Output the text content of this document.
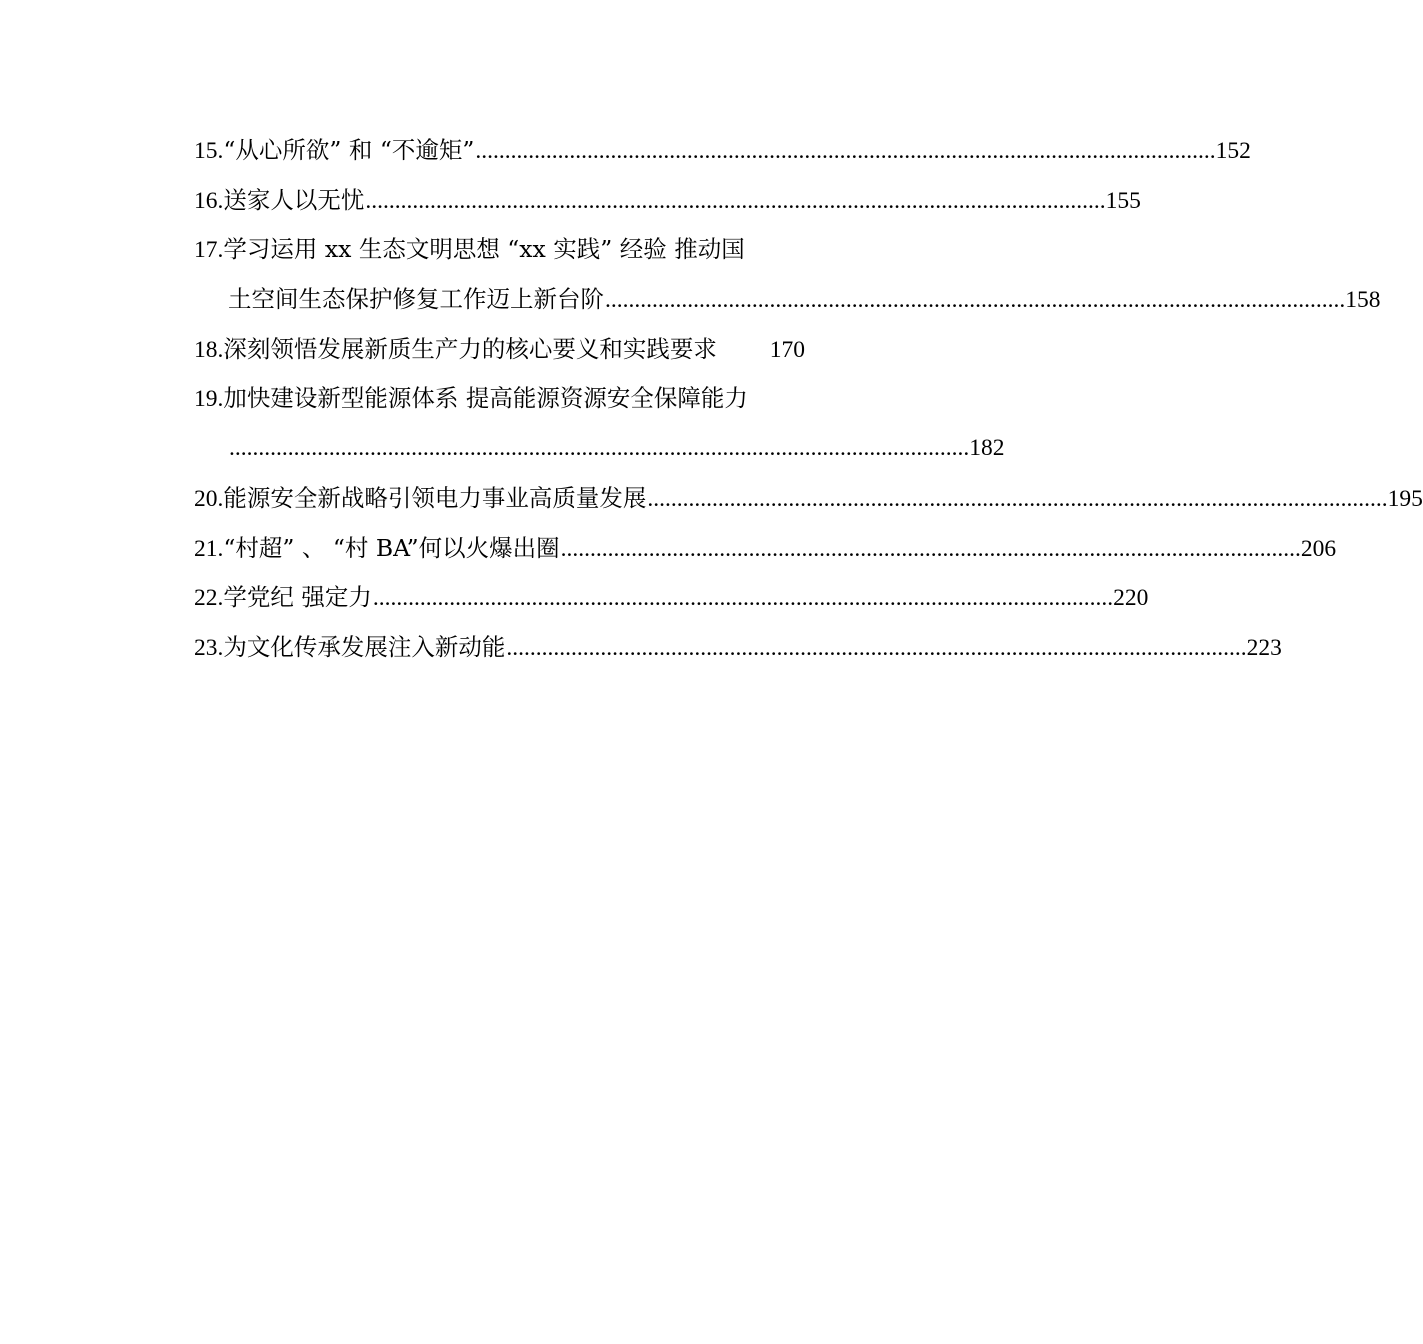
15. “从心所欲” 和 “不逾矩” .............................................................................................................................. 152
16. 送家人以无忧 .............................................................................................................................. 155
17. 学习运用 xx 生态文明思想 “xx 实践” 经验 推动国
土空间生态保护修复工作迈上新台阶 .............................................................................................................................. 158
18. 深刻领悟发展新质生产力的核心要义和实践要求 170
19. 加快建设新型能源体系 提高能源资源安全保障能力
.............................................................................................................................. 182
20. 能源安全新战略引领电力事业高质量发展 .............................................................................................................................. 195
21. “村超” 、 “村 BA”何以火爆出圈 .............................................................................................................................. 206
22. 学党纪 强定力 .............................................................................................................................. 220
23. 为文化传承发展注入新动能 .............................................................................................................................. 223
